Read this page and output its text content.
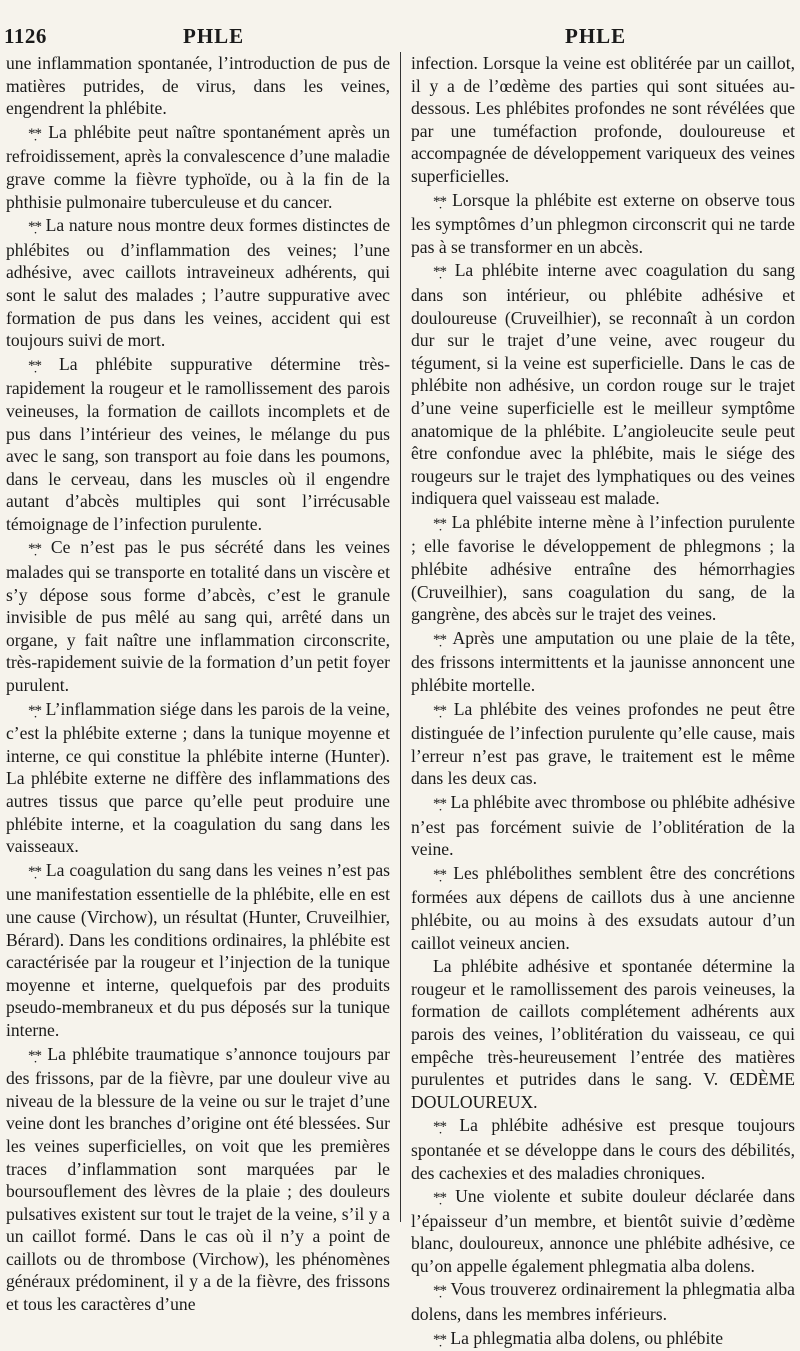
1126	PHLE	PHLE

une inflammation spontanée, l’introduction de pus de matières putrides, de virus, dans les veines, engendrent la phlébite.

*̣* La phlébite peut naître spontanément après un refroidissement, après la convalescence d’une maladie grave comme la fièvre typhoïde, ou à la fin de la phthisie pulmonaire tuberculeuse et du cancer.

*̣* La nature nous montre deux formes distinctes de phlébites ou d’inflammation des veines; l’une adhésive, avec caillots intraveineux adhérents, qui sont le salut des malades ; l’autre suppurative avec formation de pus dans les veines, accident qui est toujours suivi de mort.

*̣* La phlébite suppurative détermine très-rapidement la rougeur et le ramollissement des parois veineuses, la formation de caillots incomplets et de pus dans l’intérieur des veines, le mélange du pus avec le sang, son transport au foie dans les poumons, dans le cerveau, dans les muscles où il engendre autant d’abcès multiples qui sont l’irrécusable témoignage de l’infection purulente.

*̣* Ce n’est pas le pus sécrété dans les veines malades qui se transporte en totalité dans un viscère et s’y dépose sous forme d’abcès, c’est le granule invisible de pus mêlé au sang qui, arrêté dans un organe, y fait naître une inflammation circonscrite, très-rapidement suivie de la formation d’un petit foyer purulent.

*̣* L’inflammation siége dans les parois de la veine, c’est la phlébite externe ; dans la tunique moyenne et interne, ce qui constitue la phlébite interne (Hunter). La phlébite externe ne diffère des inflammations des autres tissus que parce qu’elle peut produire une phlébite interne, et la coagulation du sang dans les vaisseaux.

*̣* La coagulation du sang dans les veines n’est pas une manifestation essentielle de la phlébite, elle en est une cause (Virchow), un résultat (Hunter, Cruveilhier, Bérard). Dans les conditions ordinaires, la phlébite est caractérisée par la rougeur et l’injection de la tunique moyenne et interne, quelquefois par des produits pseudo-membraneux et du pus déposés sur la tunique interne.

*̣* La phlébite traumatique s’annonce toujours par des frissons, par de la fièvre, par une douleur vive au niveau de la blessure de la veine ou sur le trajet d’une veine dont les branches d’origine ont été blessées. Sur les veines superficielles, on voit que les premières traces d’inflammation sont marquées par le boursouflement des lèvres de la plaie ; des douleurs pulsatives existent sur tout le trajet de la veine, s’il y a un caillot formé. Dans le cas où il n’y a point de caillots ou de thrombose (Virchow), les phénomènes généraux prédominent, il y a de la fièvre, des frissons et tous les caractères d’une

infection. Lorsque la veine est oblitérée par un caillot, il y a de l’œdème des parties qui sont situées au-dessous. Les phlébites profondes ne sont révélées que par une tuméfaction profonde, douloureuse et accompagnée de développement variqueux des veines superficielles.

*̣* Lorsque la phlébite est externe on observe tous les symptômes d’un phlegmon circonscrit qui ne tarde pas à se transformer en un abcès.

*̣* La phlébite interne avec coagulation du sang dans son intérieur, ou phlébite adhésive et douloureuse (Cruveilhier), se reconnaît à un cordon dur sur le trajet d’une veine, avec rougeur du tégument, si la veine est superficielle. Dans le cas de phlébite non adhésive, un cordon rouge sur le trajet d’une veine superficielle est le meilleur symptôme anatomique de la phlébite. L’angioleucite seule peut être confondue avec la phlébite, mais le siége des rougeurs sur le trajet des lymphatiques ou des veines indiquera quel vaisseau est malade.

*̣* La phlébite interne mène à l’infection purulente ; elle favorise le développement de phlegmons ; la phlébite adhésive entraîne des hémorrhagies (Cruveilhier), sans coagulation du sang, de la gangrène, des abcès sur le trajet des veines.

*̣* Après une amputation ou une plaie de la tête, des frissons intermittents et la jaunisse annoncent une phlébite mortelle.

*̣* La phlébite des veines profondes ne peut être distinguée de l’infection purulente qu’elle cause, mais l’erreur n’est pas grave, le traitement est le même dans les deux cas.

*̣* La phlébite avec thrombose ou phlébite adhésive n’est pas forcément suivie de l’oblitération de la veine.

*̣* Les phlébolithes semblent être des concrétions formées aux dépens de caillots dus à une ancienne phlébite, ou au moins à des exsudats autour d’un caillot veineux ancien.

La phlébite adhésive et spontanée détermine la rougeur et le ramollissement des parois veineuses, la formation de caillots complétement adhérents aux parois des veines, l’oblitération du vaisseau, ce qui empêche très-heureusement l’entrée des matières purulentes et putrides dans le sang. V. ŒDÈME DOULOUREUX.

*̣* La phlébite adhésive est presque toujours spontanée et se développe dans le cours des débilités, des cachexies et des maladies chroniques.

*̣* Une violente et subite douleur déclarée dans l’épaisseur d’un membre, et bientôt suivie d’œdème blanc, douloureux, annonce une phlébite adhésive, ce qu’on appelle également phlegmatia alba dolens.

*̣* Vous trouverez ordinairement la phlegmatia alba dolens, dans les membres inférieurs.

*̣* La phlegmatia alba dolens, ou phlébite
